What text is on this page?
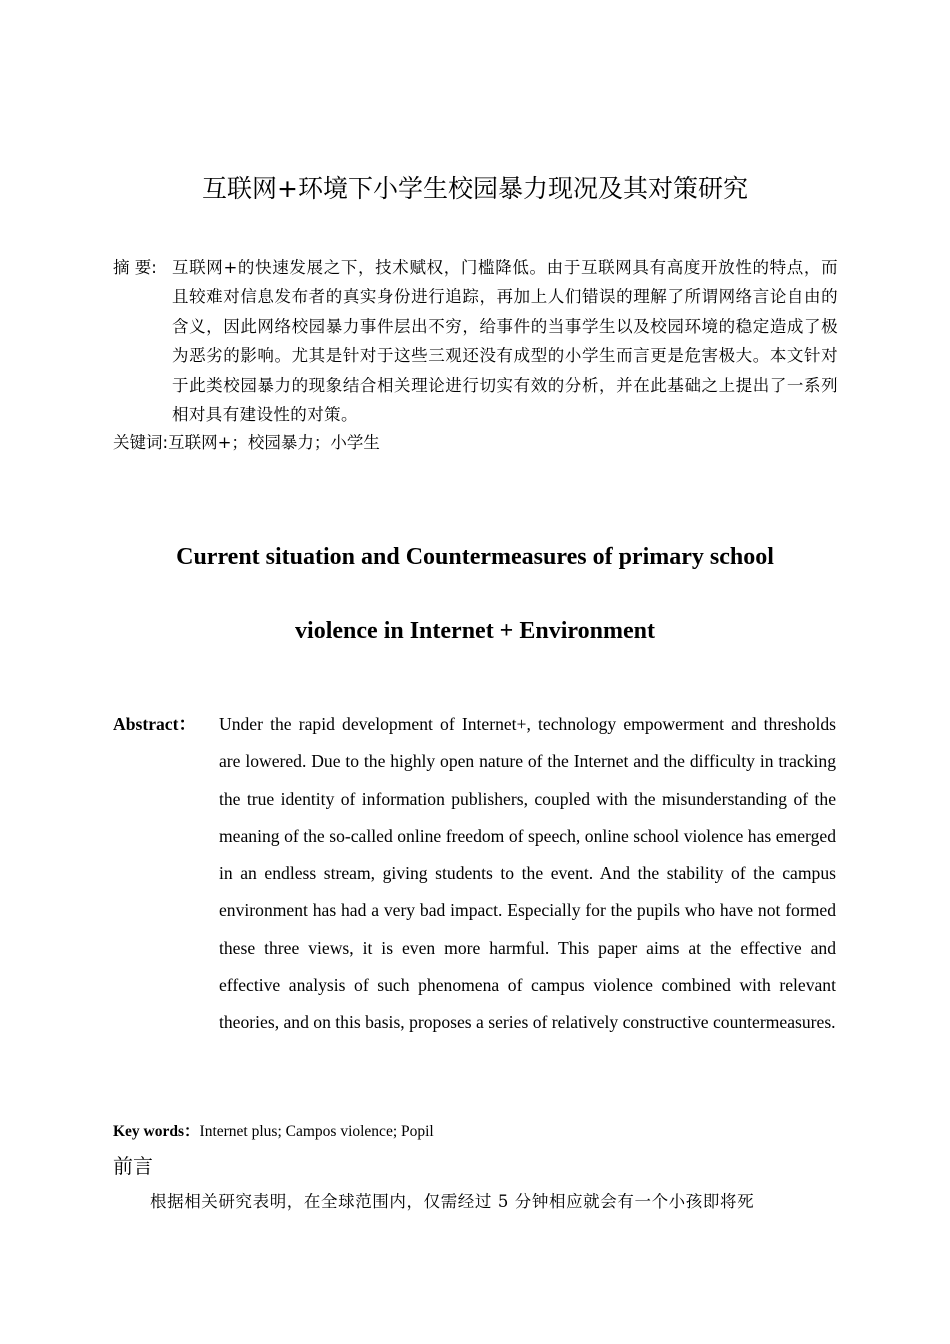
互联网+环境下小学生校园暴力现况及其对策研究
摘 要: 互联网+的快速发展之下，技术赋权，门槛降低。由于互联网具有高度开放性的特点，而且较难对信息发布者的真实身份进行追踪，再加上人们错误的理解了所谓网络言论自由的含义，因此网络校园暴力事件层出不穷，给事件的当事学生以及校园环境的稳定造成了极为恶劣的影响。尤其是针对于这些三观还没有成型的小学生而言更是危害极大。本文针对于此类校园暴力的现象结合相关理论进行切实有效的分析，并在此基础之上提出了一系列相对具有建设性的对策。
关键词:互联网+；校园暴力；小学生
Current situation and Countermeasures of primary school
violence in Internet + Environment
Abstract： Under the rapid development of Internet+, technology empowerment and thresholds are lowered. Due to the highly open nature of the Internet and the difficulty in tracking the true identity of information publishers, coupled with the misunderstanding of the meaning of the so-called online freedom of speech, online school violence has emerged in an endless stream, giving students to the event. And the stability of the campus environment has had a very bad impact. Especially for the pupils who have not formed these three views, it is even more harmful. This paper aims at the effective and effective analysis of such phenomena of campus violence combined with relevant theories, and on this basis, proposes a series of relatively constructive countermeasures.
Key words：Internet plus; Campos violence; Popil
前言

根据相关研究表明，在全球范围内，仅需经过 5 分钟相应就会有一个小孩即将死
